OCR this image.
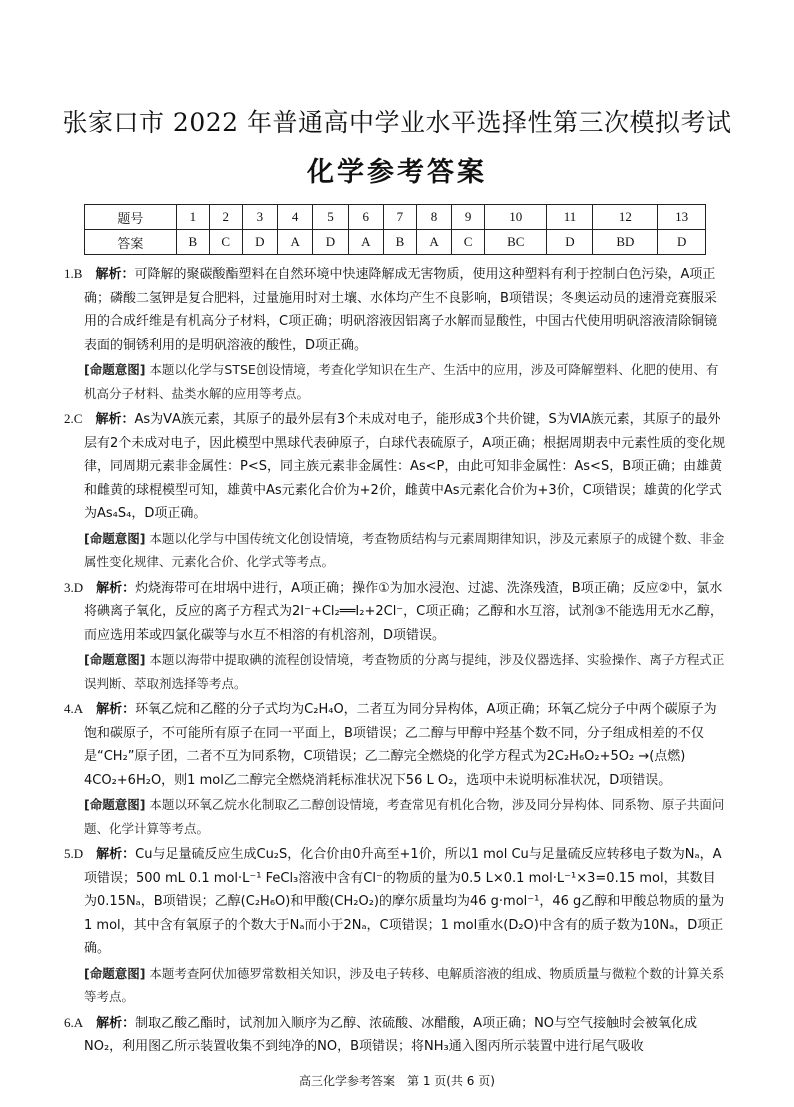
张家口市 2022 年普通高中学业水平选择性第三次模拟考试
化学参考答案
题号	1	2	3	4	5	6	7	8	9	10	11	12	13
答案	B	C	D	A	D	A	B	A	C	BC	D	BD	D

1.B　 解析：可降解的聚碳酸酯塑料在自然环境中快速降解成无害物质，使用这种塑料有利于控制白色污染，A项正确；磷酸二氢钾是复合肥料，过量施用时对土壤、水体均产生不良影响，B项错误；冬奥运动员的速滑竞赛服采用的合成纤维是有机高分子材料，C项正确；明矾溶液因铝离子水解而显酸性，中国古代使用明矾溶液清除铜镜表面的铜锈利用的是明矾溶液的酸性，D项正确。

[命题意图] 本题以化学与STSE创设情境，考查化学知识在生产、生活中的应用，涉及可降解塑料、化肥的使用、有机高分子材料、盐类水解的应用等考点。

2.C　 解析：As为ⅤA族元素，其原子的最外层有3个未成对电子，能形成3个共价键，S为ⅥA族元素，其原子的最外层有2个未成对电子，因此模型中黑球代表砷原子，白球代表硫原子，A项正确；根据周期表中元素性质的变化规律，同周期元素非金属性：P<S，同主族元素非金属性：As<P，由此可知非金属性：As<S，B项正确；由雄黄和雌黄的球棍模型可知，雄黄中As元素化合价为+2价，雌黄中As元素化合价为+3价，C项错误；雄黄的化学式为As₄S₄，D项正确。

[命题意图] 本题以化学与中国传统文化创设情境，考查物质结构与元素周期律知识，涉及元素原子的成键个数、非金属性变化规律、元素化合价、化学式等考点。

3.D　 解析：灼烧海带可在坩埚中进行，A项正确；操作①为加水浸泡、过滤、洗涤残渣，B项正确；反应②中，氯水将碘离子氧化，反应的离子方程式为2I⁻+Cl₂══I₂+2Cl⁻，C项正确；乙醇和水互溶，试剂③不能选用无水乙醇，而应选用苯或四氯化碳等与水互不相溶的有机溶剂，D项错误。

[命题意图] 本题以海带中提取碘的流程创设情境，考查物质的分离与提纯，涉及仪器选择、实验操作、离子方程式正误判断、萃取剂选择等考点。

4.A　 解析：环氧乙烷和乙醛的分子式均为C₂H₄O，二者互为同分异构体，A项正确；环氧乙烷分子中两个碳原子为饱和碳原子，不可能所有原子在同一平面上，B项错误；乙二醇与甲醇中羟基个数不同，分子组成相差的不仅是“CH₂”原子团，二者不互为同系物，C项错误；乙二醇完全燃烧的化学方程式为2C₂H₆O₂+5O₂ →(点燃) 4CO₂+6H₂O，则1 mol乙二醇完全燃烧消耗标准状况下56 L O₂，选项中未说明标准状况，D项错误。

[命题意图] 本题以环氧乙烷水化制取乙二醇创设情境，考查常见有机化合物，涉及同分异构体、同系物、原子共面问题、化学计算等考点。

5.D　 解析：Cu与足量硫反应生成Cu₂S，化合价由0升高至+1价，所以1 mol Cu与足量硫反应转移电子数为Nₐ，A项错误；500 mL 0.1 mol·L⁻¹ FeCl₃溶液中含有Cl⁻的物质的量为0.5 L×0.1 mol·L⁻¹×3=0.15 mol，其数目为0.15Nₐ，B项错误；乙醇(C₂H₆O)和甲酸(CH₂O₂)的摩尔质量均为46 g·mol⁻¹，46 g乙醇和甲酸总物质的量为1 mol，其中含有氧原子的个数大于Nₐ而小于2Nₐ，C项错误；1 mol重水(D₂O)中含有的质子数为10Nₐ，D项正确。

[命题意图] 本题考查阿伏加德罗常数相关知识，涉及电子转移、电解质溶液的组成、物质质量与微粒个数的计算关系等考点。

6.A　 解析：制取乙酸乙酯时，试剂加入顺序为乙醇、浓硫酸、冰醋酸，A项正确；NO与空气接触时会被氧化成NO₂，利用图乙所示装置收集不到纯净的NO，B项错误；将NH₃通入图丙所示装置中进行尾气吸收

高三化学参考答案　第 1 页(共 6 页)
